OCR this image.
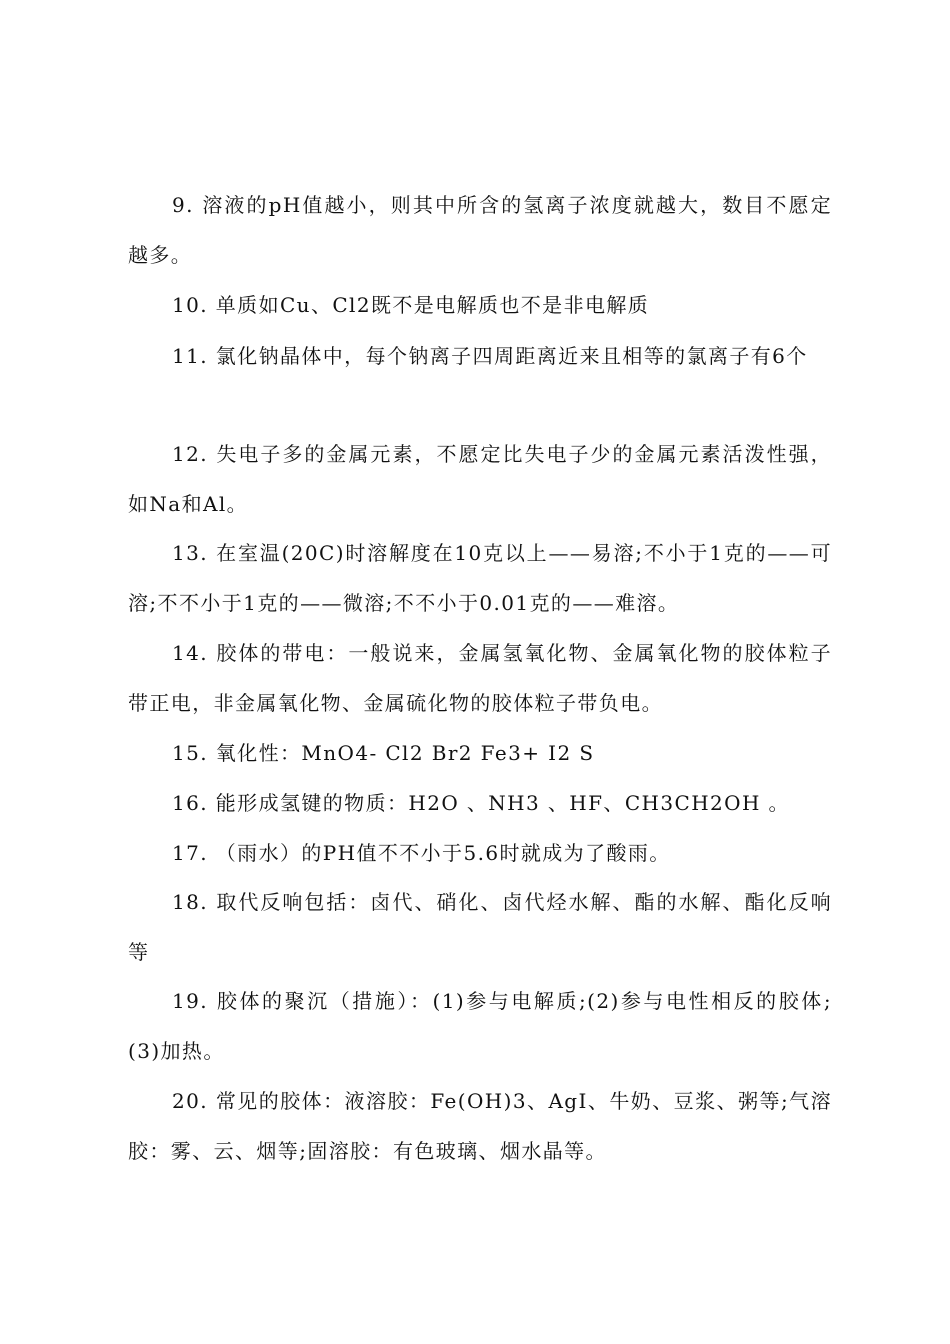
9. 溶液的pH值越小，则其中所含的氢离子浓度就越大，数目不愿定越多。

10. 单质如Cu、Cl2既不是电解质也不是非电解质

11. 氯化钠晶体中，每个钠离子四周距离近来且相等的氯离子有6个

12. 失电子多的金属元素，不愿定比失电子少的金属元素活泼性强，如Na和Al。

13. 在室温(20C)时溶解度在10克以上——易溶;不小于1克的——可溶;不不小于1克的——微溶;不不小于0.01克的——难溶。

14. 胶体的带电：一般说来，金属氢氧化物、金属氧化物的胶体粒子带正电，非金属氧化物、金属硫化物的胶体粒子带负电。

15. 氧化性：MnO4- Cl2 Br2 Fe3+ I2 S

16. 能形成氢键的物质：H2O 、NH3 、HF、CH3CH2OH 。

17. （雨水）的PH值不不小于5.6时就成为了酸雨。

18. 取代反响包括：卤代、硝化、卤代烃水解、酯的水解、酯化反响等

19. 胶体的聚沉（措施）：(1)参与电解质;(2)参与电性相反的胶体;(3)加热。

20. 常见的胶体：液溶胶：Fe(OH)3、AgI、牛奶、豆浆、粥等;气溶胶：雾、云、烟等;固溶胶：有色玻璃、烟水晶等。
